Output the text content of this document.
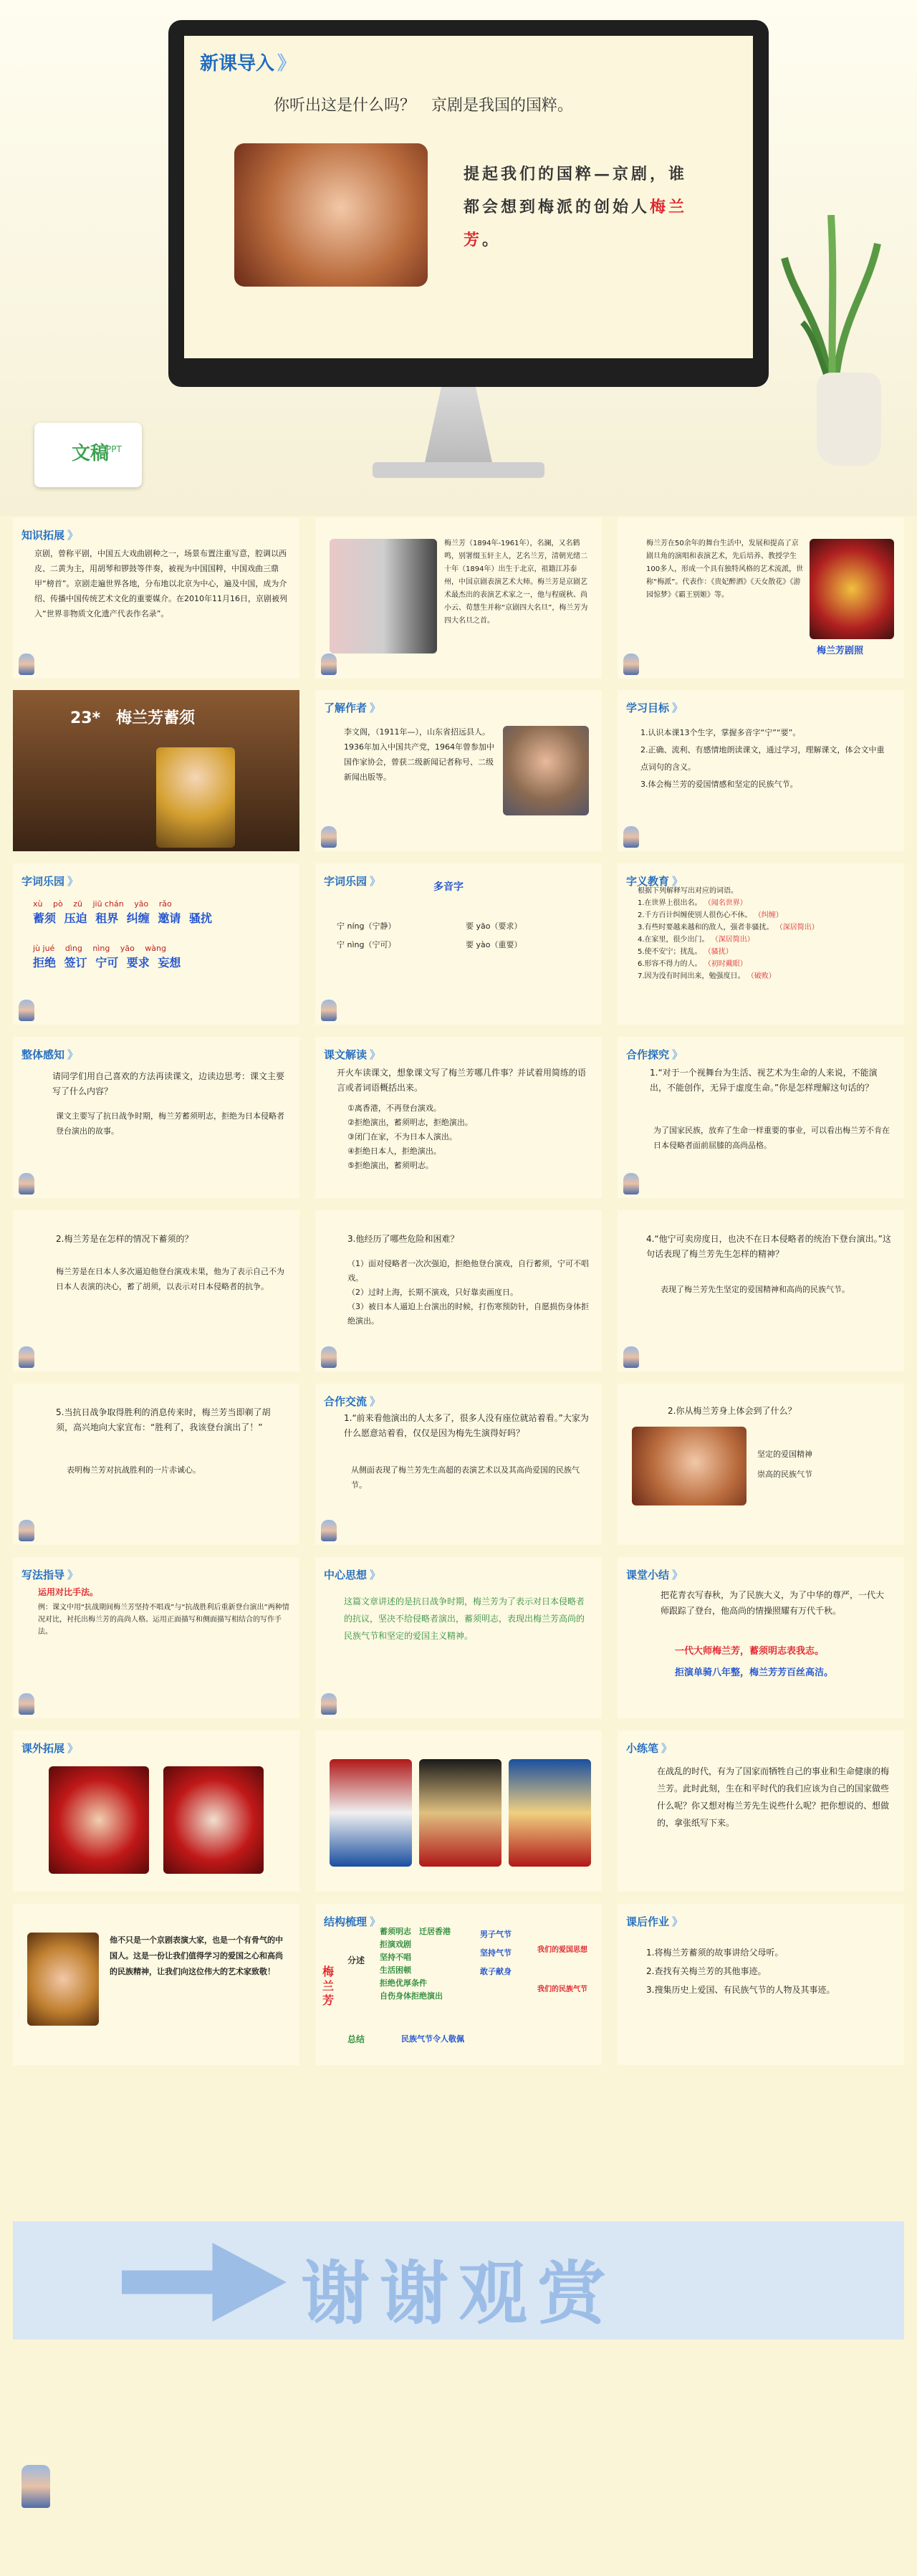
新课导入 》
你听出这是什么吗？　京剧是我国的国粹。
提起我们的国粹—京剧，谁都会想到梅派的创始人梅兰芳。
文稿
PPT
知识拓展 》
京剧，曾称平剧，中国五大戏曲剧种之一，场景布置注重写意，腔调以西皮、二黄为主，用胡琴和锣鼓等伴奏，被视为中国国粹，中国戏曲三鼎甲“榜首”。京剧走遍世界各地，分布地以北京为中心，遍及中国，成为介绍、传播中国传统艺术文化的重要媒介。在2010年11月16日，京剧被列入“世界非物质文化遗产代表作名录”。
梅兰芳（1894年-1961年），名澜，又名鹤鸣，别署缀玉轩主人，艺名兰芳，清朝光绪二十年（1894年）出生于北京，祖籍江苏泰州，中国京剧表演艺术大师。梅兰芳是京剧艺术最杰出的表演艺术家之一，他与程砚秋、尚小云、荀慧生并称“京剧四大名旦”，梅兰芳为四大名旦之首。
梅兰芳在50余年的舞台生活中，发展和提高了京剧旦角的演唱和表演艺术，先后培养、教授学生100多人，形成一个具有独特风格的艺术流派，世称“梅派”。代表作：《贵妃醉酒》《天女散花》《游园惊梦》《霸王别姬》等。
梅兰芳剧照
23*　梅兰芳蓄须
了解作者 》
李文阁，（1911年—），山东省招远县人。1936年加入中国共产党，1964年曾参加中国作家协会，曾获二级新闻记者称号、二级新闻出版等。
学习目标 》
1.认识本课13个生字，掌握多音字“宁”“要”。
2.正确、流利、有感情地朗读课文，通过学习，理解课文，体会文中重点词句的含义。
3.体会梅兰芳的爱国情感和坚定的民族气节。
字词乐园 》
xù　 pò　 zū　 jiū chán　 yāo　 rǎo
蓄须 压迫 租界 纠缠 邀请 骚扰
jù jué　 dìng　 nìng　 yāo　 wàng
拒绝 签订 宁可 要求 妄想
字词乐园 》	多音字
宁 níng（宁静）
宁 nìng（宁可）
要 yāo（要求）
要 yào（重要）
字义教育 》
根据下列解释写出对应的词语。
1.在世界上很出名。 （闻名世界）
2.千方百计纠缠使别人很伤心不休。 （纠缠）
3.有些时要越来越和的敌人，强者非骚扰。 （深居简出）
4.在家里，很少出门。 （深居简出）
5.使不安宁；扰乱。 （骚扰）
6.形容不得力的人。 （初时戴眼）
7.因为没有时间出来，勉强度日。 （破败）
整体感知 》
请同学们用自己喜欢的方法再读课文，边读边思考：课文主要写了什么内容？
课文主要写了抗日战争时期，梅兰芳蓄须明志，拒绝为日本侵略者登台演出的故事。
课文解读 》
开火车读课文，想象课文写了梅兰芳哪几件事？并试着用简练的语言或者词语概括出来。
①离香港，不再登台演戏。
②拒绝演出，蓄须明志，拒绝演出。
③闭门在家，不为日本人演出。
④拒绝日本人，拒绝演出。
⑤拒绝演出，蓄须明志。
合作探究 》
1.“对于一个视舞台为生活、视艺术为生命的人来说，不能演出，不能创作，无异于虚度生命。”你是怎样理解这句话的？
为了国家民族，放弃了生命一样重要的事业，可以看出梅兰芳不肯在日本侵略者面前屈膝的高尚品格。
2.梅兰芳是在怎样的情况下蓄须的？
梅兰芳是在日本人多次逼迫他登台演戏未果，他为了表示自己不为日本人表演的决心，蓄了胡须，以表示对日本侵略者的抗争。
3.他经历了哪些危险和困难？
（1）面对侵略者一次次强迫，拒绝他登台演戏，自行蓄须，宁可不唱戏。
（2）过时上海，长期不演戏，只好靠卖画度日。
（3）被日本人逼迫上台演出的时候，打伤寒预防针，自愿损伤身体拒绝演出。
4.“他宁可卖房度日，也决不在日本侵略者的统治下登台演出。”这句话表现了梅兰芳先生怎样的精神？
表现了梅兰芳先生坚定的爱国精神和高尚的民族气节。
5.当抗日战争取得胜利的消息传来时，梅兰芳当即剃了胡须，高兴地向大家宣布：“胜利了，我该登台演出了！”
表明梅兰芳对抗战胜利的一片赤诚心。
合作交流 》
1.“前来看他演出的人太多了，很多人没有座位就站着看。”大家为什么愿意站着看，仅仅是因为梅先生演得好吗？
从侧面表现了梅兰芳先生高超的表演艺术以及其高尚爱国的民族气节。
2.你从梅兰芳身上体会到了什么？
坚定的爱国精神
崇高的民族气节
写法指导 》
运用对比手法。
例：课文中用“抗战期间梅兰芳坚持不唱戏”与“抗战胜利后重新登台演出”两种情况对比，衬托出梅兰芳的高尚人格。运用正面描写和侧面描写相结合的写作手法。
中心思想 》
这篇文章讲述的是抗日战争时期，梅兰芳为了表示对日本侵略者的抗议，坚决不给侵略者演出，蓄须明志，表现出梅兰芳高尚的民族气节和坚定的爱国主义精神。
课堂小结 》
把花青衣写春秋，为了民族大义，为了中华的尊严，一代大师跟踪了登台，他高尚的情操照耀有万代千秋。
一代大师梅兰芳，蓄须明志表我志。
拒演单骑八年整，梅兰芳芳百丝高洁。
课外拓展 》	小练笔 》
在战乱的时代，有为了国家而牺牲自己的事业和生命健康的梅兰芳。此时此刻，生在和平时代的我们应该为自己的国家做些什么呢？你又想对梅兰芳先生说些什么呢？把你想说的、想做的，拿张纸写下来。
他不只是一个京剧表演大家，也是一个有骨气的中国人。这是一份让我们值得学习的爱国之心和高尚的民族精神，让我们向这位伟大的艺术家致敬！
结构梳理 》
梅兰芳
分述
总结
蓄须明志　 迁居香港
拒演戏剧
坚持不唱
生活困顿
拒绝优厚条件
自伤身体拒绝演出
男子气节
坚持气节
敢子献身
我们的爱国思想
我们的民族气节
民族气节令人敬佩
课后作业 》
1.将梅兰芳蓄须的故事讲给父母听。
2.查找有关梅兰芳的其他事迹。
3.搜集历史上爱国、有民族气节的人物及其事迹。
谢谢观赏
